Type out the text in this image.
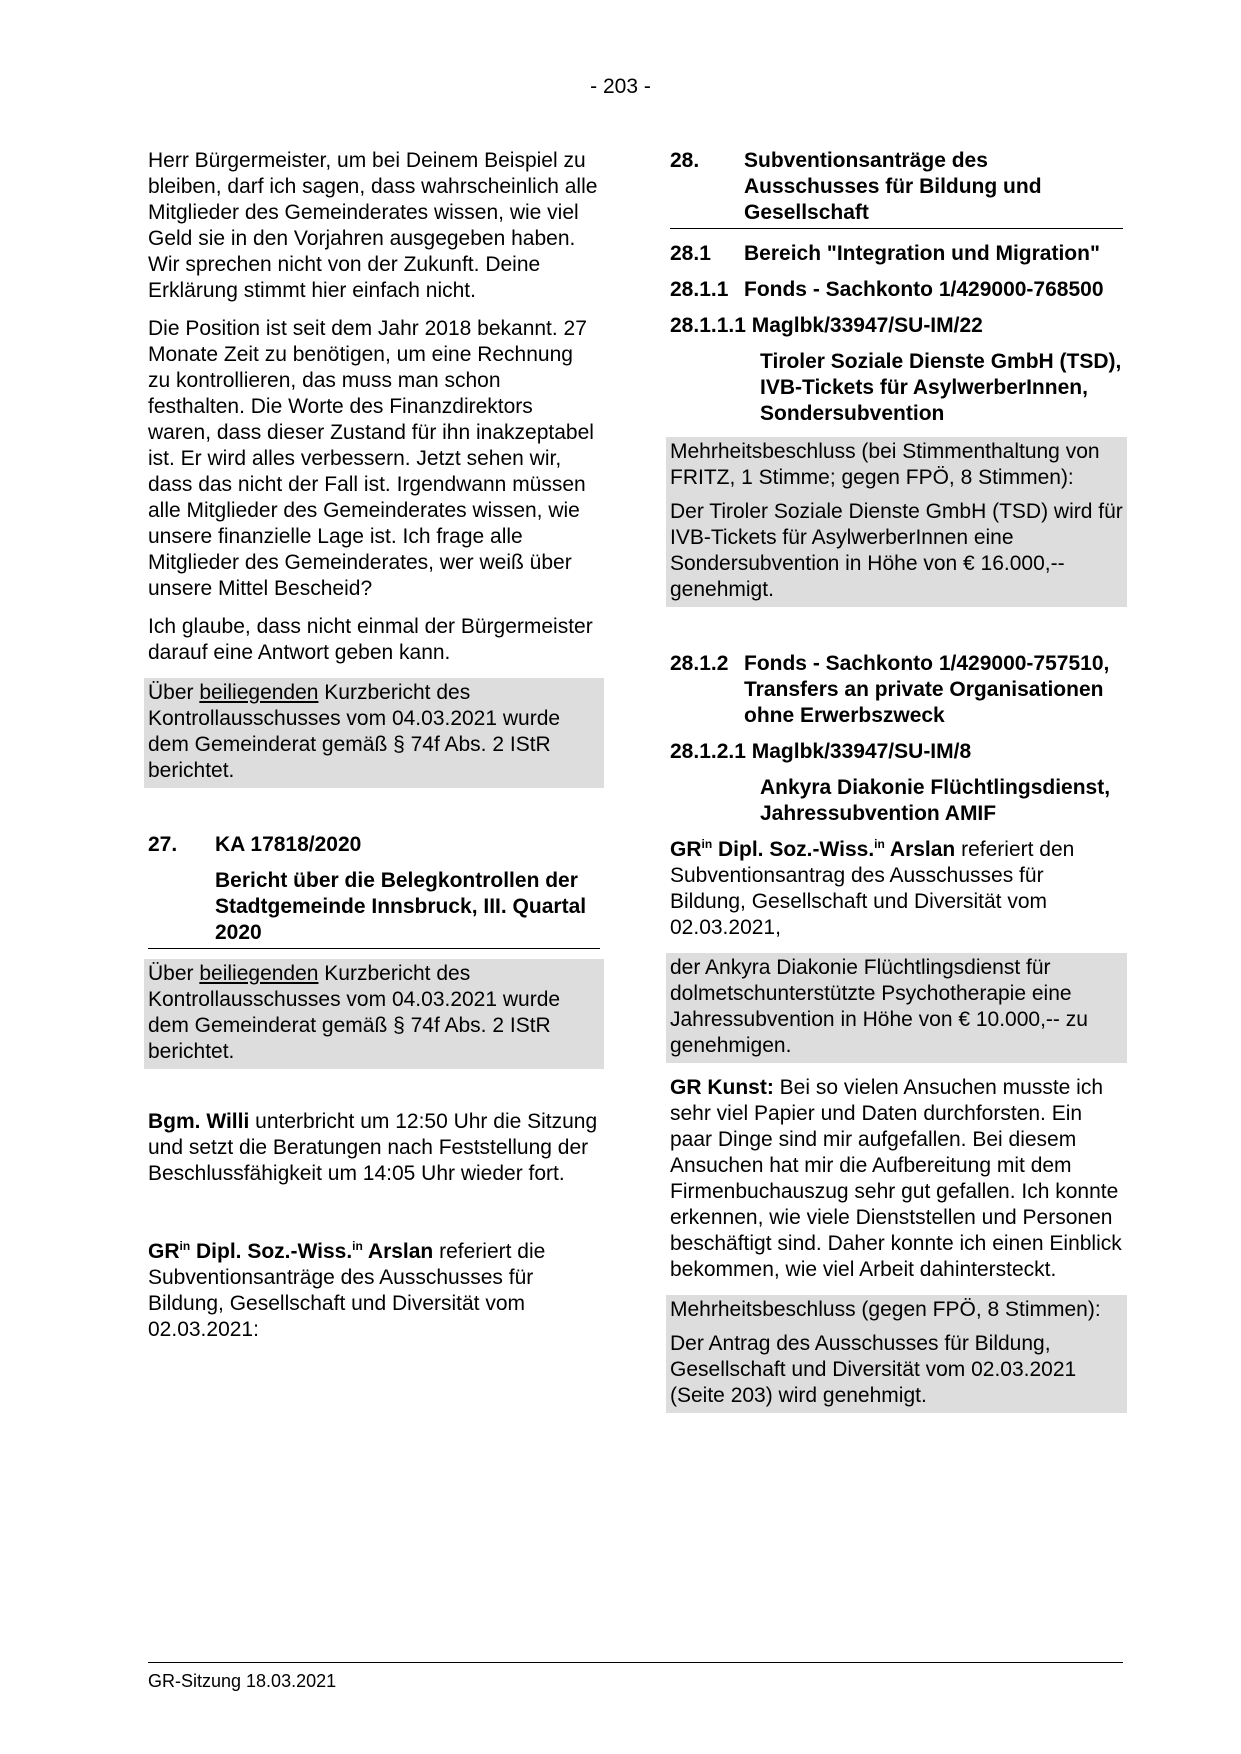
- 203 -

Herr Bürgermeister, um bei Deinem Beispiel zu bleiben, darf ich sagen, dass wahrscheinlich alle Mitglieder des Gemeinderates wissen, wie viel Geld sie in den Vorjahren ausgegeben haben. Wir sprechen nicht von der Zukunft. Deine Erklärung stimmt hier einfach nicht.

Die Position ist seit dem Jahr 2018 bekannt. 27 Monate Zeit zu benötigen, um eine Rechnung zu kontrollieren, das muss man schon festhalten. Die Worte des Finanzdirektors waren, dass dieser Zustand für ihn inakzeptabel ist. Er wird alles verbessern. Jetzt sehen wir, dass das nicht der Fall ist. Irgendwann müssen alle Mitglieder des Gemeinderates wissen, wie unsere finanzielle Lage ist. Ich frage alle Mitglieder des Gemeinderates, wer weiß über unsere Mittel Bescheid?

Ich glaube, dass nicht einmal der Bürgermeister darauf eine Antwort geben kann.

Über beiliegenden Kurzbericht des Kontrollausschusses vom 04.03.2021 wurde dem Gemeinderat gemäß § 74f Abs. 2 IStR berichtet.
27.	KA 17818/2020
Bericht über die Belegkontrollen der Stadtgemeinde Innsbruck, III. Quartal 2020
Über beiliegenden Kurzbericht des Kontrollausschusses vom 04.03.2021 wurde dem Gemeinderat gemäß § 74f Abs. 2 IStR berichtet.

Bgm. Willi unterbricht um 12:50 Uhr die Sitzung und setzt die Beratungen nach Feststellung der Beschlussfähigkeit um 14:05 Uhr wieder fort.

$GR^{in}$ Dipl. Soz.-Wiss.$^{in}$ Arslan referiert die Subventionsanträge des Ausschusses für Bildung, Gesellschaft und Diversität vom 02.03.2021:

28.	Subventionsanträge des Ausschusses für Bildung und Gesellschaft
28.1	Bereich "Integration und Migration"
28.1.1 Fonds - Sachkonto 1/429000-768500
28.1.1.1 Maglbk/33947/SU-IM/22
Tiroler Soziale Dienste GmbH (TSD), IVB-Tickets für AsylwerberInnen, Sondersubvention

Mehrheitsbeschluss (bei Stimmenthaltung von FRITZ, 1 Stimme; gegen FPÖ, 8 Stimmen):

Der Tiroler Soziale Dienste GmbH (TSD) wird für IVB-Tickets für AsylwerberInnen eine Sondersubvention in Höhe von € 16.000,-- genehmigt.

28.1.2 Fonds - Sachkonto 1/429000-757510, Transfers an private Organisationen ohne Erwerbszweck
28.1.2.1 Maglbk/33947/SU-IM/8
Ankyra Diakonie Flüchtlingsdienst, Jahressubvention AMIF

$GR^{in}$ Dipl. Soz.-Wiss.$^{in}$ Arslan referiert den Subventionsantrag des Ausschusses für Bildung, Gesellschaft und Diversität vom 02.03.2021,

der Ankyra Diakonie Flüchtlingsdienst für dolmetschunterstützte Psychotherapie eine Jahressubvention in Höhe von € 10.000,-- zu genehmigen.

GR Kunst: Bei so vielen Ansuchen musste ich sehr viel Papier und Daten durchforsten. Ein paar Dinge sind mir aufgefallen. Bei diesem Ansuchen hat mir die Aufbereitung mit dem Firmenbuchauszug sehr gut gefallen. Ich konnte erkennen, wie viele Dienststellen und Personen beschäftigt sind. Daher konnte ich einen Einblick bekommen, wie viel Arbeit dahintersteckt.

Mehrheitsbeschluss (gegen FPÖ, 8 Stimmen):

Der Antrag des Ausschusses für Bildung, Gesellschaft und Diversität vom 02.03.2021 (Seite 203) wird genehmigt.

GR-Sitzung 18.03.2021
